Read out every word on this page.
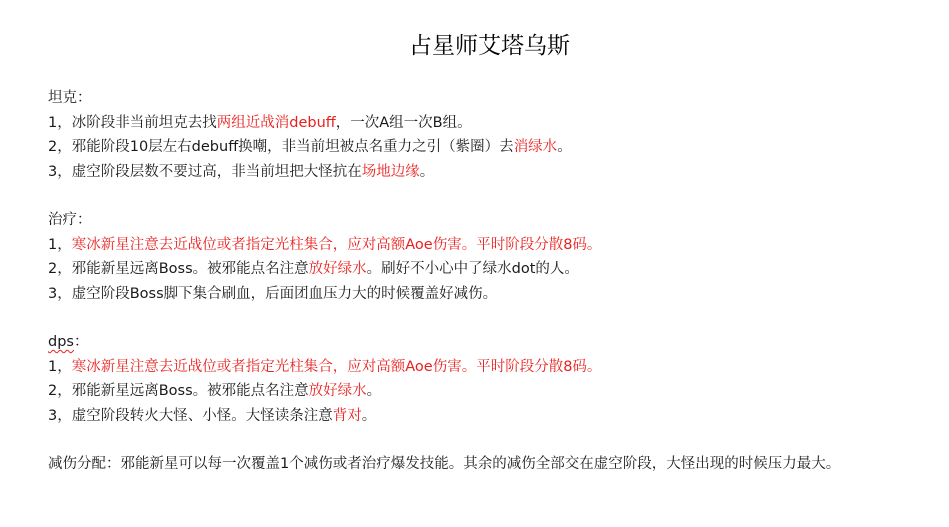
占星师艾塔乌斯
坦克：
1，冰阶段非当前坦克去找两组近战消debuff，一次A组一次B组。
2，邪能阶段10层左右debuff换嘲，非当前坦被点名重力之引（紫圈）去消绿水。
3，虚空阶段层数不要过高，非当前坦把大怪抗在场地边缘。
治疗：
1，寒冰新星注意去近战位或者指定光柱集合，应对高额Aoe伤害。平时阶段分散8码。
2，邪能新星远离Boss。被邪能点名注意放好绿水。刷好不小心中了绿水dot的人。
3，虚空阶段Boss脚下集合刷血，后面团血压力大的时候覆盖好减伤。
dps：
1，寒冰新星注意去近战位或者指定光柱集合，应对高额Aoe伤害。平时阶段分散8码。
2，邪能新星远离Boss。被邪能点名注意放好绿水。
3，虚空阶段转火大怪、小怪。大怪读条注意背对。
减伤分配：邪能新星可以每一次覆盖1个减伤或者治疗爆发技能。其余的减伤全部交在虚空阶段，大怪出现的时候压力最大。
